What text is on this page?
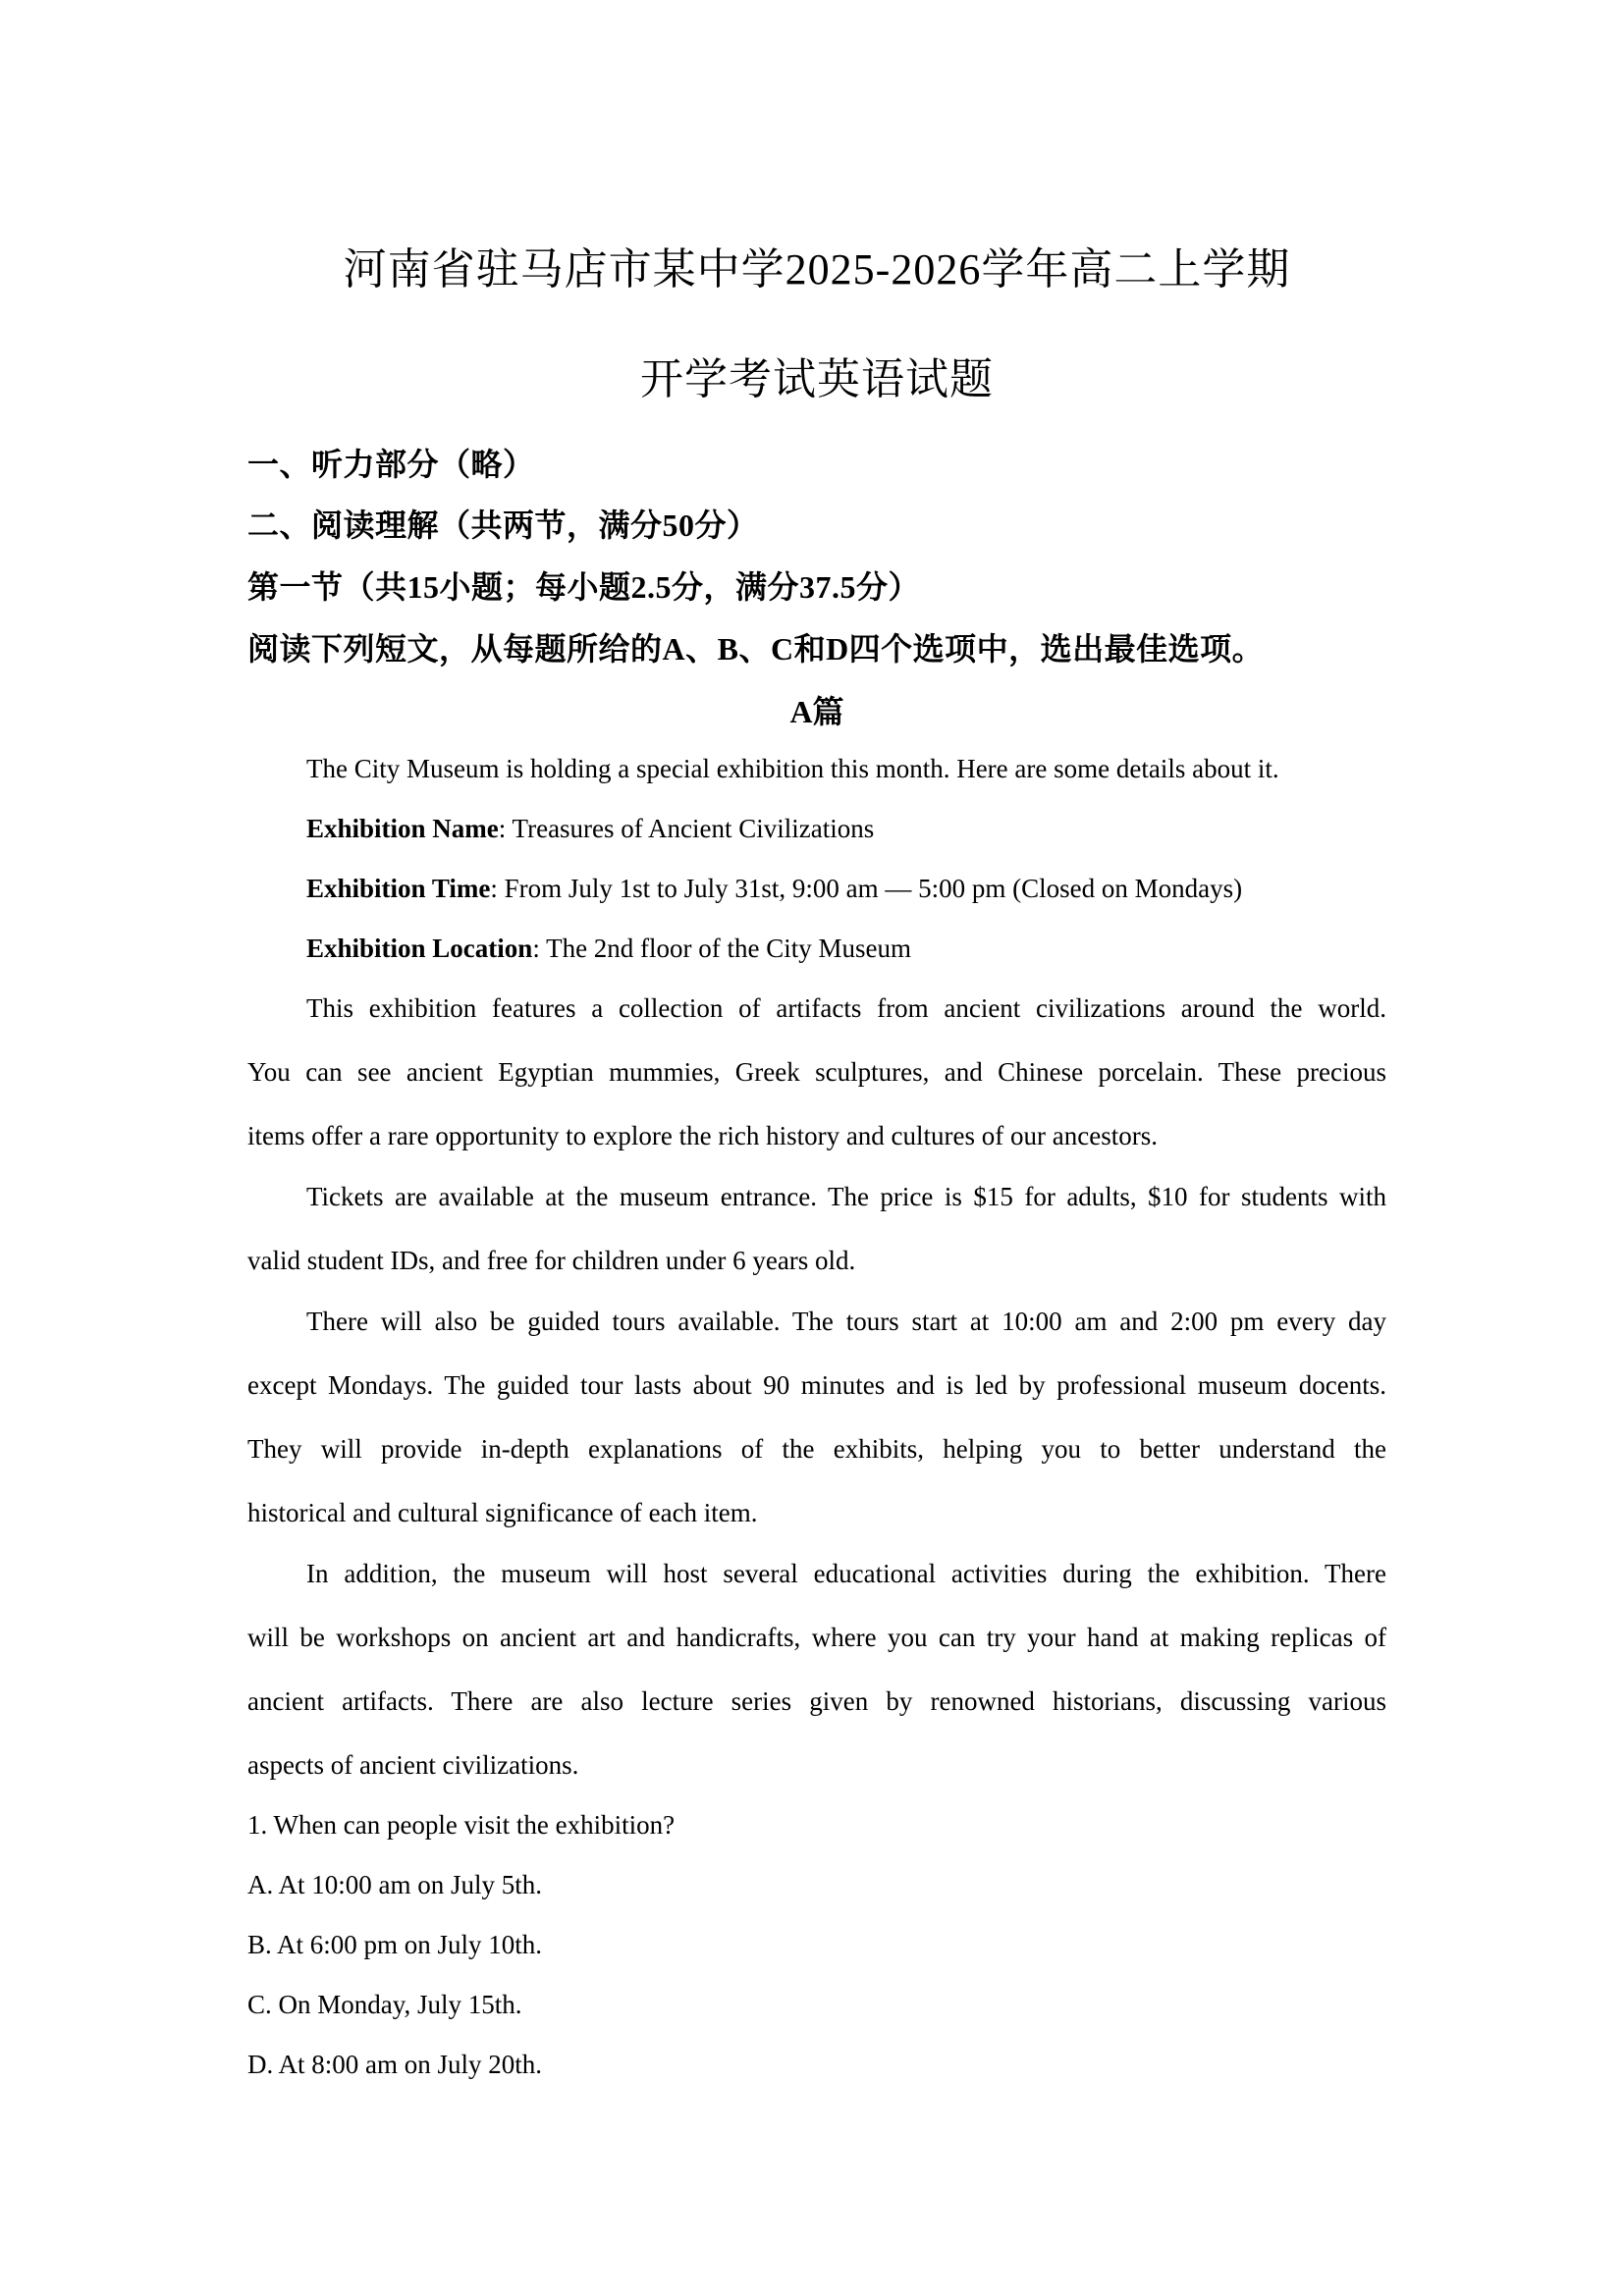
河南省驻马店市某中学2025-2026学年高二上学期
开学考试英语试题
一、听力部分（略）
二、阅读理解（共两节，满分50分）
第一节（共15小题；每小题2.5分，满分37.5分）
阅读下列短文，从每题所给的A、B、C和D四个选项中，选出最佳选项。
A篇
The City Museum is holding a special exhibition this month. Here are some details about it.
Exhibition Name: Treasures of Ancient Civilizations
Exhibition Time: From July 1st to July 31st, 9:00 am — 5:00 pm (Closed on Mondays)
Exhibition Location: The 2nd floor of the City Museum
This exhibition features a collection of artifacts from ancient civilizations around the world.
You can see ancient Egyptian mummies, Greek sculptures, and Chinese porcelain. These precious
items offer a rare opportunity to explore the rich history and cultures of our ancestors.
Tickets are available at the museum entrance. The price is $15 for adults, $10 for students with
valid student IDs, and free for children under 6 years old.
There will also be guided tours available. The tours start at 10:00 am and 2:00 pm every day
except Mondays. The guided tour lasts about 90 minutes and is led by professional museum docents.
They will provide in-depth explanations of the exhibits, helping you to better understand the
historical and cultural significance of each item.
In addition, the museum will host several educational activities during the exhibition. There
will be workshops on ancient art and handicrafts, where you can try your hand at making replicas of
ancient artifacts. There are also lecture series given by renowned historians, discussing various
aspects of ancient civilizations.
1. When can people visit the exhibition?
A. At 10:00 am on July 5th.
B. At 6:00 pm on July 10th.
C. On Monday, July 15th.
D. At 8:00 am on July 20th.
